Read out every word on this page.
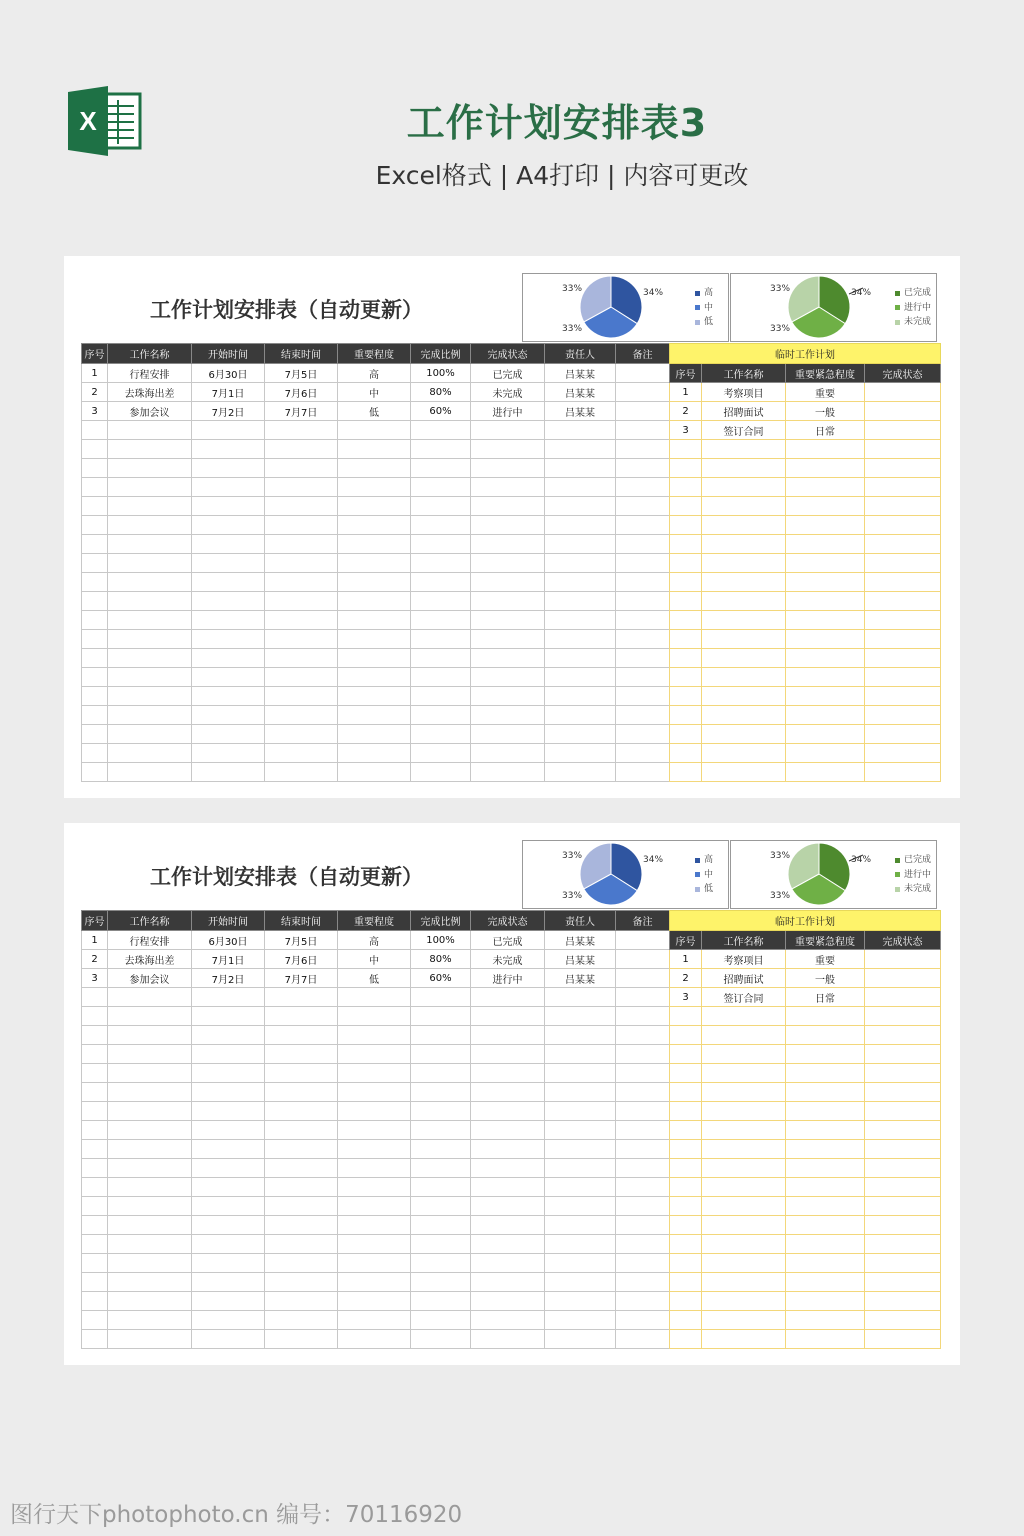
X	工作计划安排表3
Excel格式 | A4打印 | 内容可更改
工作计划安排表（自动更新）
34%
33%
33%	高
中
低
34%
33%
33%	已完成
进行中
未完成
序号	工作名称	开始时间	结束时间	重要程度	完成比例	完成状态	责任人	备注
1	行程安排	6月30日	7月5日	高	100%	已完成	吕某某	
2	去珠海出差	7月1日	7月6日	中	80%	未完成	吕某某	
3	参加会议	7月2日	7月7日	低	60%	进行中	吕某某	

临时工作计划			
序号	工作名称	重要紧急程度	完成状态
1	考察项目	重要	
2	招聘面试	一般	
3	签订合同	日常	

工作计划安排表（自动更新）
34%
33%
33%	高
中
低
34%
33%
33%	已完成
进行中
未完成
序号	工作名称	开始时间	结束时间	重要程度	完成比例	完成状态	责任人	备注
1	行程安排	6月30日	7月5日	高	100%	已完成	吕某某	
2	去珠海出差	7月1日	7月6日	中	80%	未完成	吕某某	
3	参加会议	7月2日	7月7日	低	60%	进行中	吕某某	

临时工作计划			
序号	工作名称	重要紧急程度	完成状态
1	考察项目	重要	
2	招聘面试	一般	
3	签订合同	日常	

图行天下photophoto.cn 编号：70116920
